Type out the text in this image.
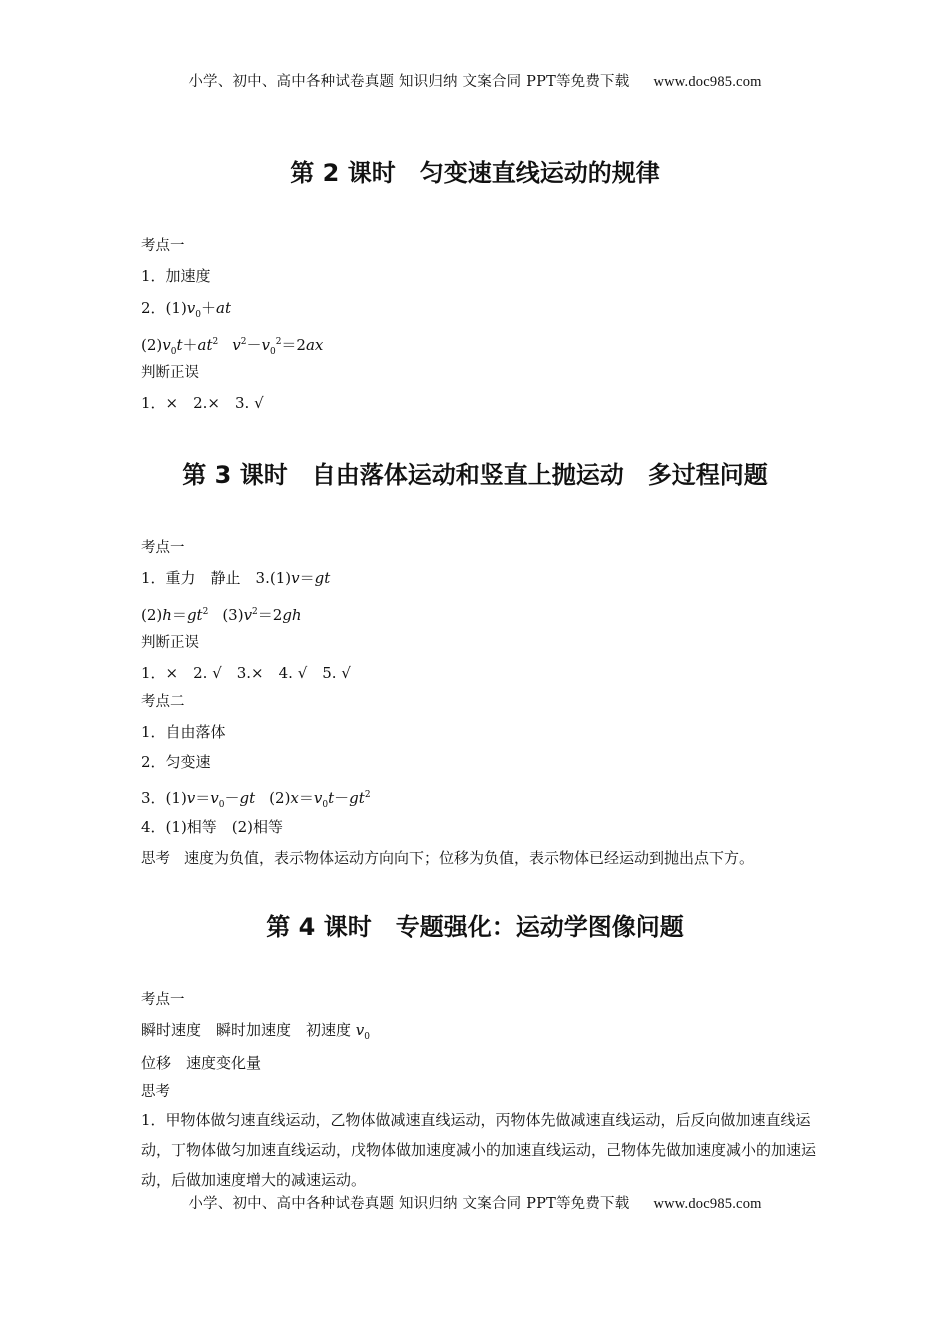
小学、初中、高中各种试卷真题 知识归纳 文案合同 PPT等免费下载 www.doc985.com
第 2 课时　匀变速直线运动的规律
考点一
1．加速度
2．$(1)v_0+at$
$(2)v_0t+at^2$ $v^2-v_0^2=2ax$
判断正误
1．×　2.×　3. √
第 3 课时　自由落体运动和竖直上抛运动　多过程问题
考点一
1．重力　静止　3.(1)v＝gt
$(2)h=gt^2$ $(3)v^2=2gh$
判断正误
1．×　2. √　3.×　4. √　5. √
考点二
1．自由落体
2．匀变速
3．$(1)v=v_0-gt$ $(2)x=v_0t-gt^2$
4．(1)相等　(2)相等
思考 速度为负值，表示物体运动方向向下；位移为负值，表示物体已经运动到抛出点下方。
第 4 课时　专题强化：运动学图像问题
考点一
瞬时速度　瞬时加速度　初速度 $v_0$
位移　速度变化量
思考
1．甲物体做匀速直线运动，乙物体做减速直线运动，丙物体先做减速直线运动，后反向做加速直线运动，丁物体做匀加速直线运动，戊物体做加速度减小的加速直线运动，己物体先做加速度减小的加速运动，后做加速度增大的减速运动。
小学、初中、高中各种试卷真题 知识归纳 文案合同 PPT等免费下载 www.doc985.com
